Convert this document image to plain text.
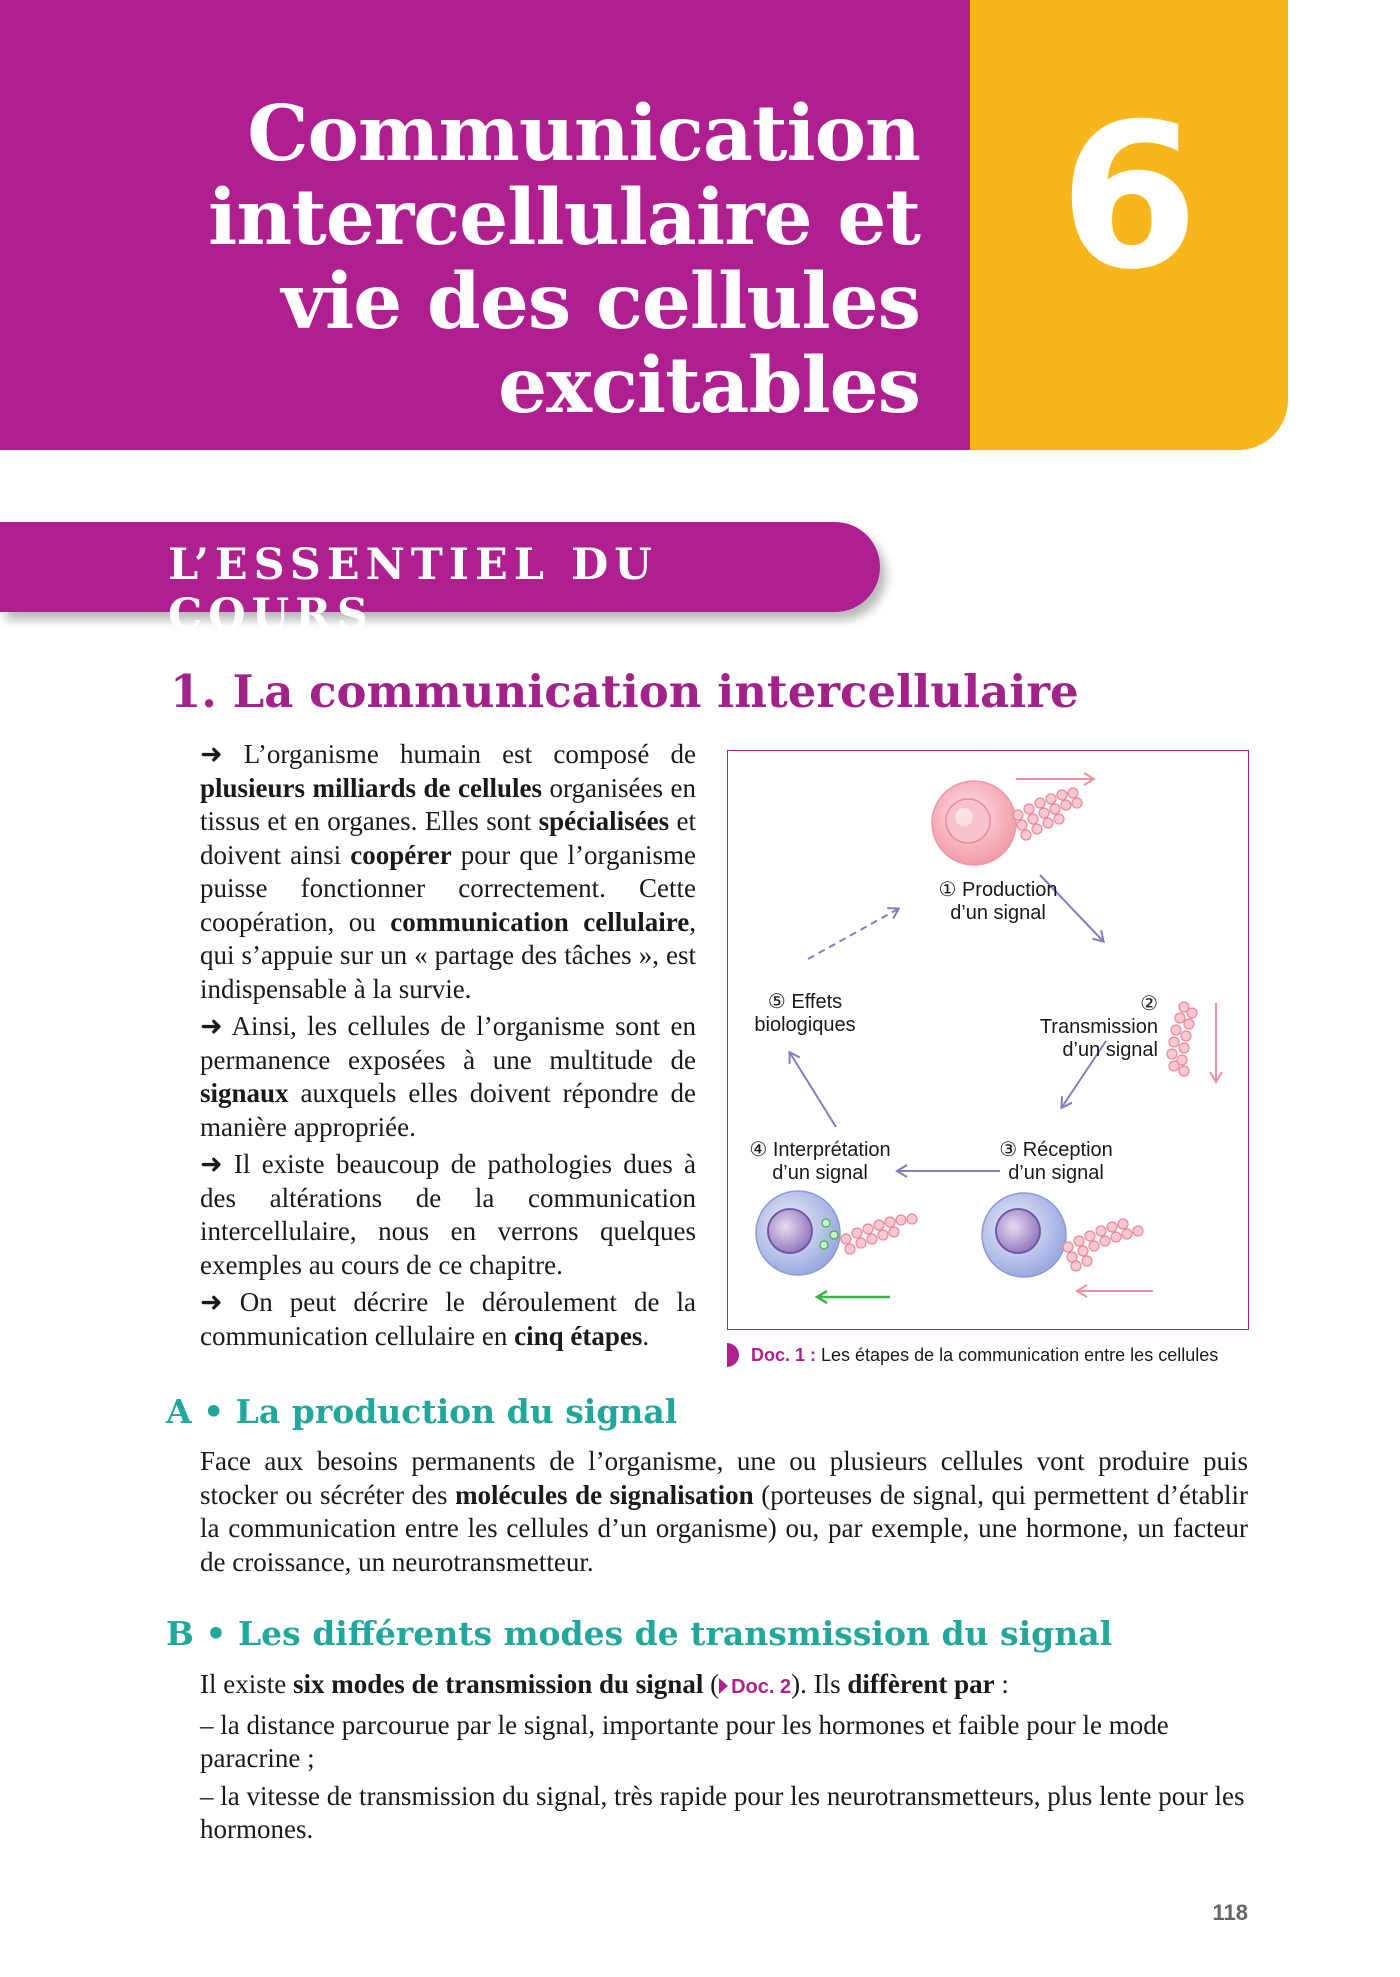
Communication
intercellulaire et
vie des cellules
excitables
6
L’ESSENTIEL DU COURS
1. La communication intercellulaire

➜ L’organisme humain est composé de plusieurs milliards de cellules organisées en tissus et en organes. Elles sont spécialisées et doivent ainsi coopérer pour que l’organisme puisse fonctionner correctement. Cette coopération, ou communication cellulaire, qui s’appuie sur un « partage des tâches », est indispensable à la survie.

➜ Ainsi, les cellules de l’organisme sont en permanence exposées à une multitude de signaux auxquels elles doivent répondre de manière appropriée.

➜ Il existe beaucoup de pathologies dues à des altérations de la communication intercellulaire, nous en verrons quelques exemples au cours de ce chapitre.

➜ On peut décrire le déroulement de la communication cellulaire en cinq étapes.

① Production
d’un signal
② Transmission
d’un signal
③ Réception
d’un signal
④ Interprétation
d’un signal
⑤ Effets
biologiques
Doc. 1 : Les étapes de la communication entre les cellules
A • La production du signal

Face aux besoins permanents de l’organisme, une ou plusieurs cellules vont produire puis stocker ou sécréter des molécules de signalisation (porteuses de signal, qui permettent d’établir la communication entre les cellules d’un organisme) ou, par exemple, une hormone, un facteur de croissance, un neurotransmetteur.

B • Les différents modes de transmission du signal

Il existe six modes de transmission du signal ( Doc. 2). Ils diffèrent par :

– la distance parcourue par le signal, importante pour les hormones et faible pour le mode paracrine ;

– la vitesse de transmission du signal, très rapide pour les neurotransmetteurs, plus lente pour les hormones.

118
